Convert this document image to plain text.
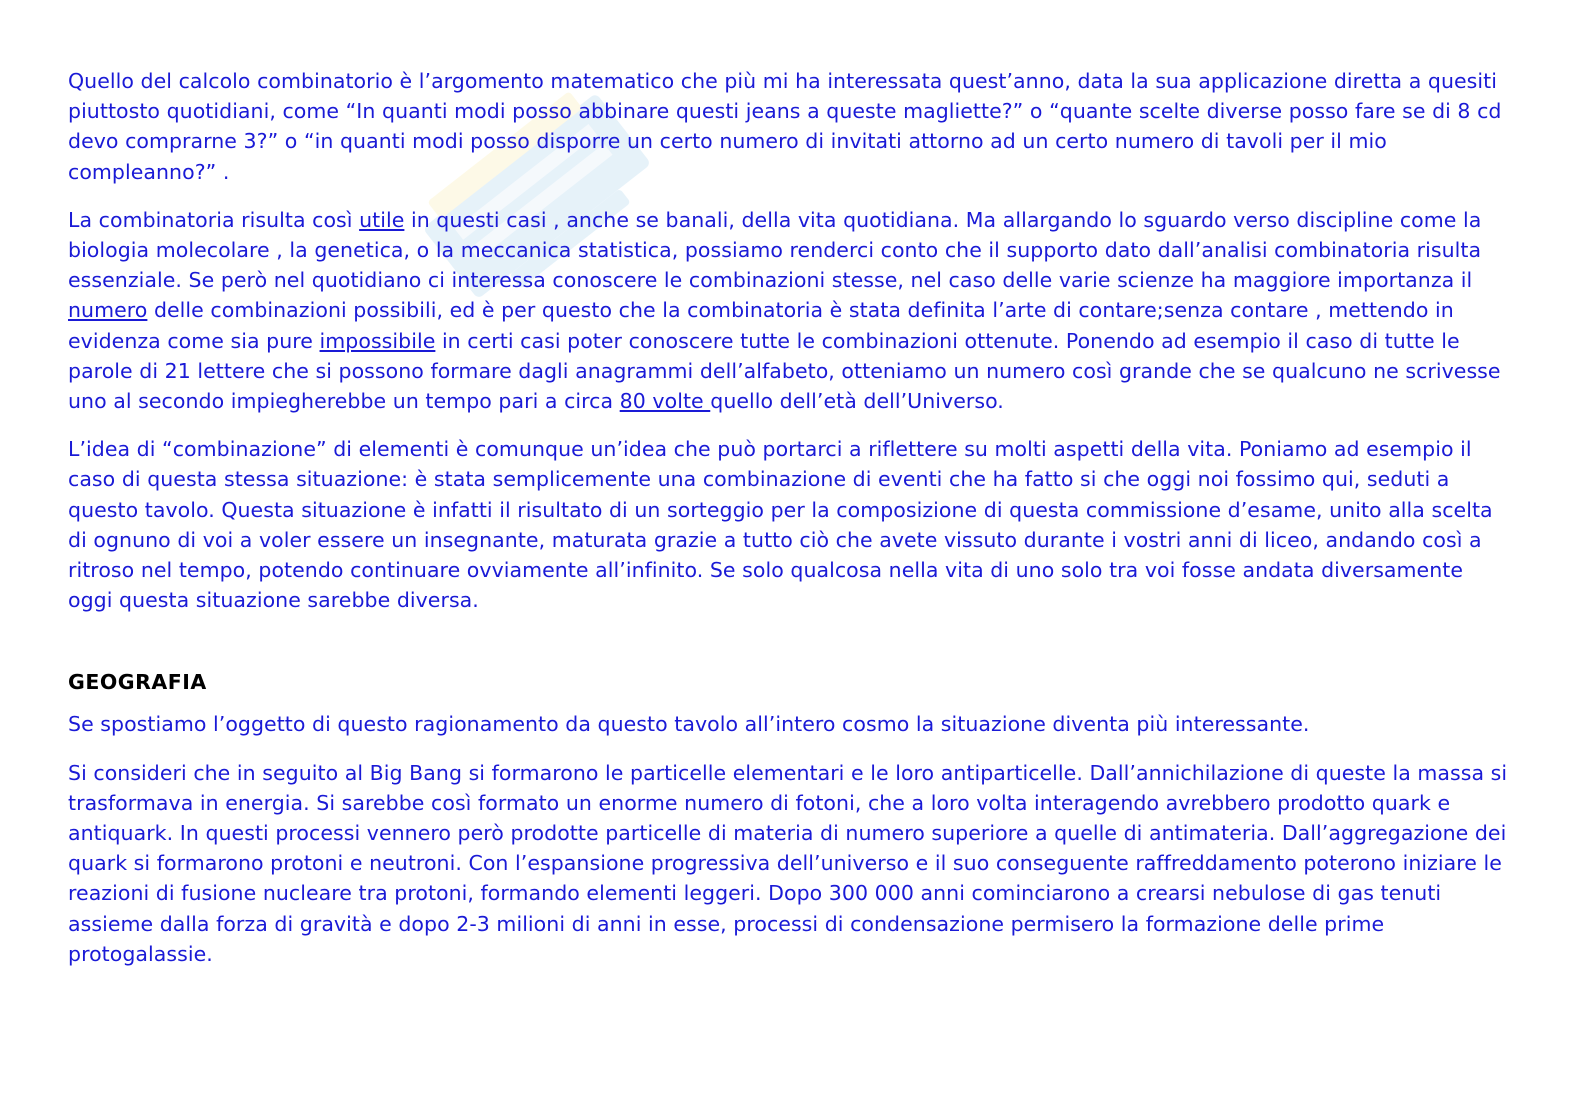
Quello del calcolo combinatorio è l’argomento matematico che più mi ha interessata quest’anno, data la sua applicazione diretta a quesiti piuttosto quotidiani, come “In quanti modi posso abbinare questi jeans a queste magliette?” o “quante scelte diverse posso fare se di 8 cd devo comprarne 3?” o “in quanti modi posso disporre un certo numero di invitati attorno ad un certo numero di tavoli per il mio compleanno?” .

La combinatoria risulta così utile in questi casi , anche se banali, della vita quotidiana. Ma allargando lo sguardo verso discipline come la biologia molecolare , la genetica, o la meccanica statistica, possiamo renderci conto che il supporto dato dall’analisi combinatoria risulta essenziale. Se però nel quotidiano ci interessa conoscere le combinazioni stesse, nel caso delle varie scienze ha maggiore importanza il numero delle combinazioni possibili, ed è per questo che la combinatoria è stata definita l’arte di contare;senza contare , mettendo in evidenza come sia pure impossibile in certi casi poter conoscere tutte le combinazioni ottenute. Ponendo ad esempio il caso di tutte le parole di 21 lettere che si possono formare dagli anagrammi dell’alfabeto, otteniamo un numero così grande che se qualcuno ne scrivesse uno al secondo impiegherebbe un tempo pari a circa 80 volte quello dell’età dell’Universo.

L’idea di “combinazione” di elementi è comunque un’idea che può portarci a riflettere su molti aspetti della vita. Poniamo ad esempio il caso di questa stessa situazione: è stata semplicemente una combinazione di eventi che ha fatto si che oggi noi fossimo qui, seduti a questo tavolo. Questa situazione è infatti il risultato di un sorteggio per la composizione di questa commissione d’esame, unito alla scelta di ognuno di voi a voler essere un insegnante, maturata grazie a tutto ciò che avete vissuto durante i vostri anni di liceo, andando così a ritroso nel tempo, potendo continuare ovviamente all’infinito. Se solo qualcosa nella vita di uno solo tra voi fosse andata diversamente oggi questa situazione sarebbe diversa.

GEOGRAFIA

Se spostiamo l’oggetto di questo ragionamento da questo tavolo all’intero cosmo la situazione diventa più interessante.

Si consideri che in seguito al Big Bang si formarono le particelle elementari e le loro antiparticelle. Dall’annichilazione di queste la massa si trasformava in energia. Si sarebbe così formato un enorme numero di fotoni, che a loro volta interagendo avrebbero prodotto quark e antiquark. In questi processi vennero però prodotte particelle di materia di numero superiore a quelle di antimateria. Dall’aggregazione dei quark si formarono protoni e neutroni. Con l’espansione progressiva dell’universo e il suo conseguente raffreddamento poterono iniziare le reazioni di fusione nucleare tra protoni, formando elementi leggeri. Dopo 300 000 anni cominciarono a crearsi nebulose di gas tenuti assieme dalla forza di gravità e dopo 2-3 milioni di anni in esse, processi di condensazione permisero la formazione delle prime protogalassie.
